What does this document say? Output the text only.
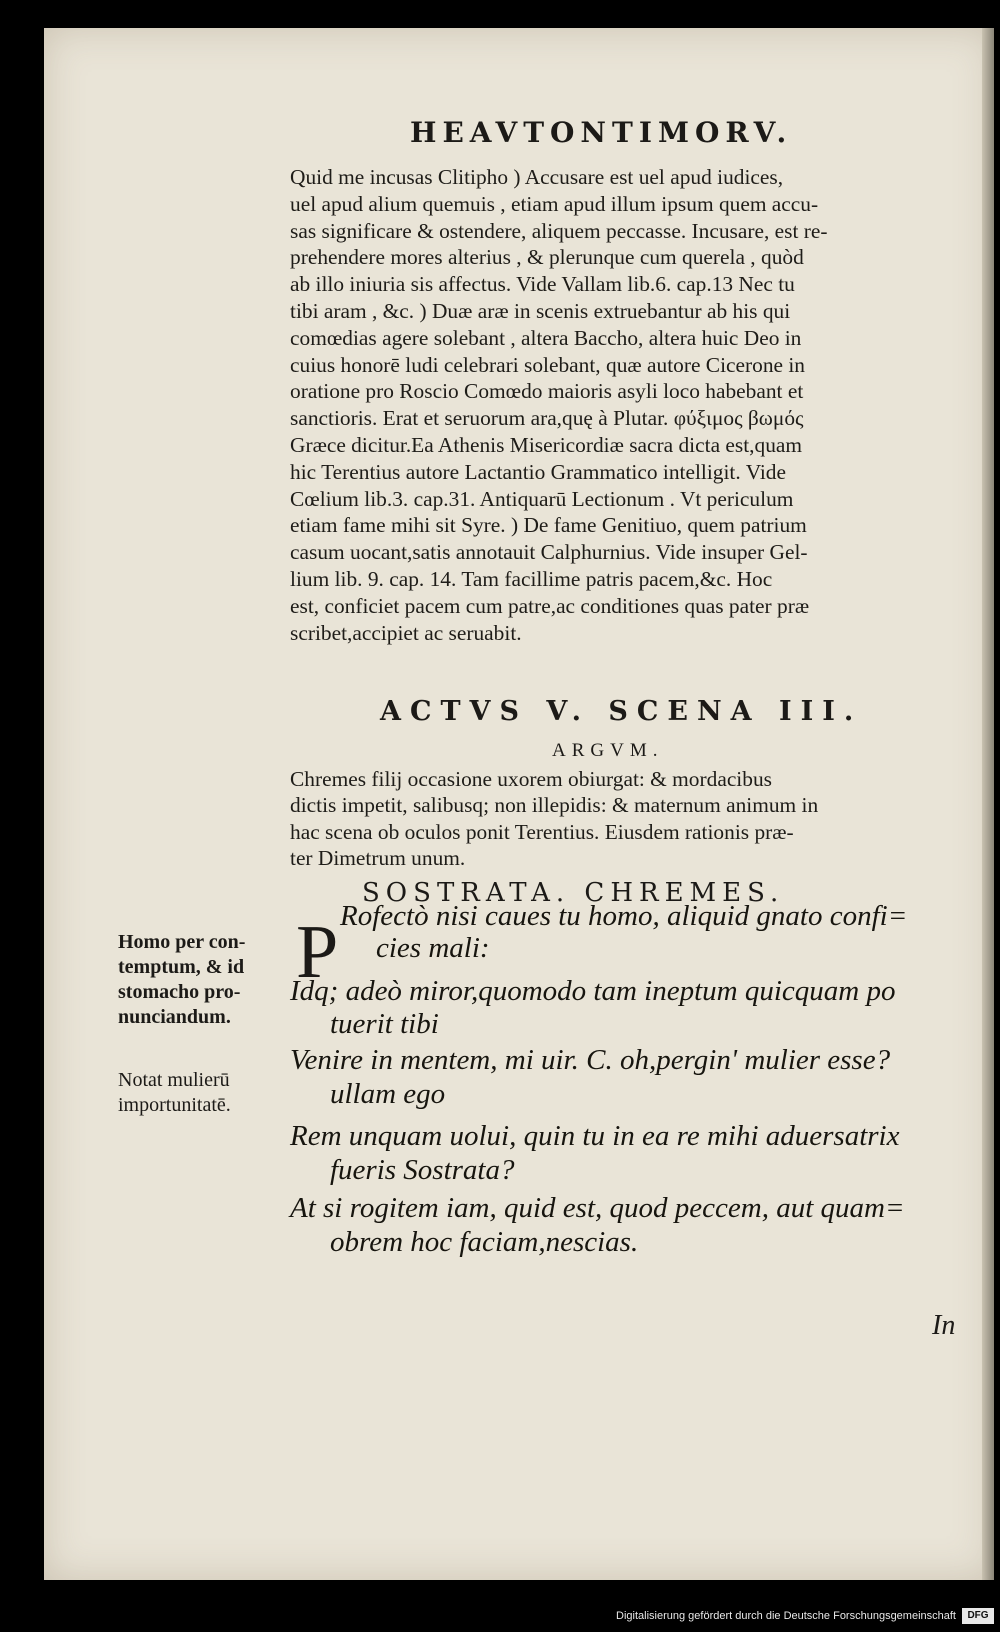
HEAVTONTIMORV.
Quid me incusas Clitipho ) Accusare est uel apud iudices,
uel apud alium quemuis , etiam apud illum ipsum quem accu-
sas significare & ostendere, aliquem peccasse. Incusare, est re-
prehendere mores alterius , & plerunque cum querela , quòd
ab illo iniuria sis affectus. Vide Vallam lib.6. cap.13 Nec tu
tibi aram , &c. ) Duæ aræ in scenis extruebantur ab his qui
comœdias agere solebant , altera Baccho, altera huic Deo in
cuius honorē ludi celebrari solebant, quæ autore Cicerone in
oratione pro Roscio Comœdo maioris asyli loco habebant et
sanctioris. Erat et seruorum ara,quę à Plutar. φύξιμος βωμός
Græce dicitur.Ea Athenis Misericordiæ sacra dicta est,quam
hic Terentius autore Lactantio Grammatico intelligit. Vide
Cœlium lib.3. cap.31. Antiquarū Lectionum . Vt periculum
etiam fame mihi sit Syre. ) De fame Genitiuo, quem patrium
casum uocant,satis annotauit Calphurnius. Vide insuper Gel-
lium lib. 9. cap. 14. Tam facillime patris pacem,&c. Hoc
est, conficiet pacem cum patre,ac conditiones quas pater præ
scribet,accipiet ac seruabit.
ACTVS V. SCENA III.
ARGVM.
Chremes filij occasione uxorem obiurgat: & mordacibus
dictis impetit, salibusq; non illepidis: & maternum animum in
hac scena ob oculos ponit Terentius. Eiusdem rationis præ-
ter Dimetrum unum.
SOSTRATA. CHREMES.
Homo per con-
temptum, & id
stomacho pro-
nunciandum.
Notat mulierū
importunitatē.
P Rofectò nisi caues tu homo, aliquid gnato confi=
cies mali:
Idq; adeò miror,quomodo tam ineptum quicquam po
tuerit tibi
Venire in mentem, mi uir. C. oh,pergin' mulier esse?
ullam ego
Rem unquam uolui, quin tu in ea re mihi aduersatrix
fueris Sostrata?
At si rogitem iam, quid est, quod peccem, aut quam=
obrem hoc faciam,nescias.
In
Digitalisierung gefördert durch die Deutsche Forschungsgemeinschaft	DFG
